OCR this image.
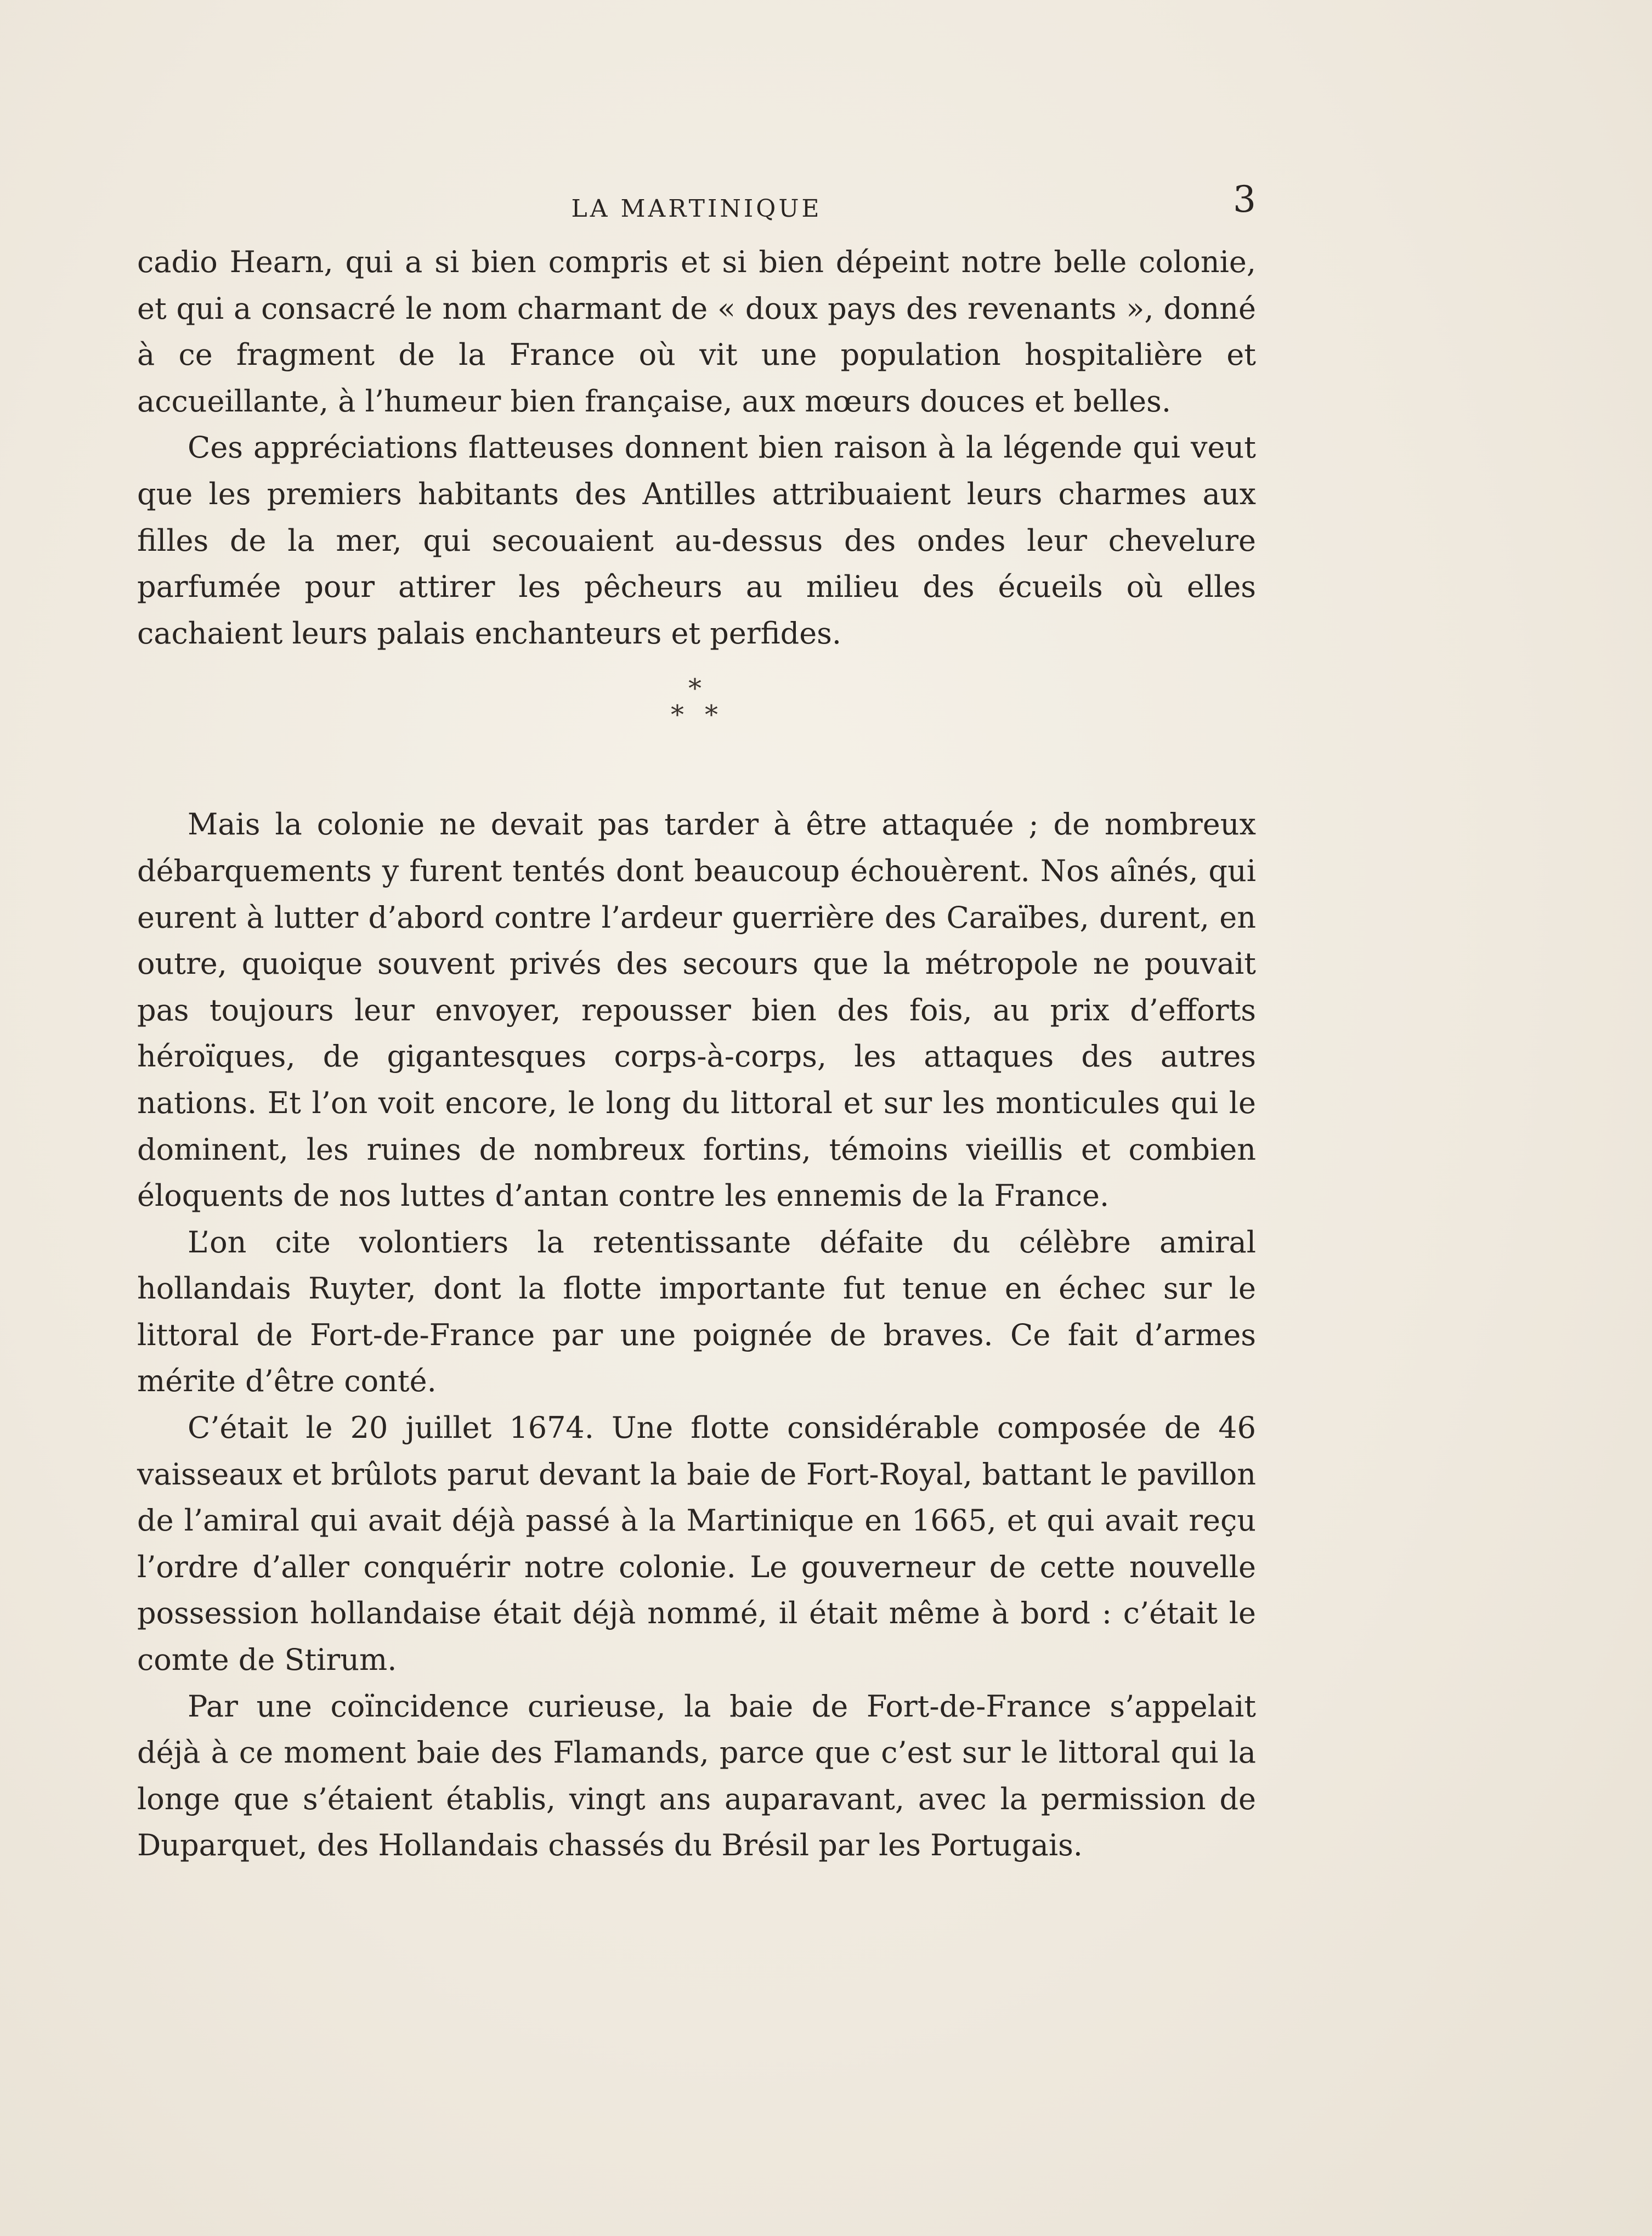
LA MARTINIQUE	3

cadio Hearn, qui a si bien compris et si bien dépeint notre belle colonie, et qui a consacré le nom charmant de « doux pays des revenants », donné à ce fragment de la France où vit une population hospitalière et accueillante, à l’humeur bien française, aux mœurs douces et belles.

Ces appréciations flatteuses donnent bien raison à la légende qui veut que les premiers habitants des Antilles attribuaient leurs charmes aux filles de la mer, qui secouaient au-dessus des ondes leur chevelure parfumée pour attirer les pêcheurs au milieu des écueils où elles cachaient leurs palais enchanteurs et perfides.

*
* *

Mais la colonie ne devait pas tarder à être attaquée ; de nombreux débarquements y furent tentés dont beaucoup échouèrent. Nos aînés, qui eurent à lutter d’abord contre l’ardeur guerrière des Caraïbes, durent, en outre, quoique souvent privés des secours que la métropole ne pouvait pas toujours leur envoyer, repousser bien des fois, au prix d’efforts héroïques, de gigantesques corps-à-corps, les attaques des autres nations. Et l’on voit encore, le long du littoral et sur les monticules qui le dominent, les ruines de nombreux fortins, témoins vieillis et combien éloquents de nos luttes d’antan contre les ennemis de la France.

L’on cite volontiers la retentissante défaite du célèbre amiral hollandais Ruyter, dont la flotte importante fut tenue en échec sur le littoral de Fort-de-France par une poignée de braves. Ce fait d’armes mérite d’être conté.

C’était le 20 juillet 1674. Une flotte considérable composée de 46 vaisseaux et brûlots parut devant la baie de Fort-Royal, battant le pavillon de l’amiral qui avait déjà passé à la Martinique en 1665, et qui avait reçu l’ordre d’aller conquérir notre colonie. Le gouverneur de cette nouvelle possession hollandaise était déjà nommé, il était même à bord : c’était le comte de Stirum.

Par une coïncidence curieuse, la baie de Fort-de-France s’appelait déjà à ce moment baie des Flamands, parce que c’est sur le littoral qui la longe que s’étaient établis, vingt ans auparavant, avec la permission de Duparquet, des Hollandais chassés du Brésil par les Portugais.
